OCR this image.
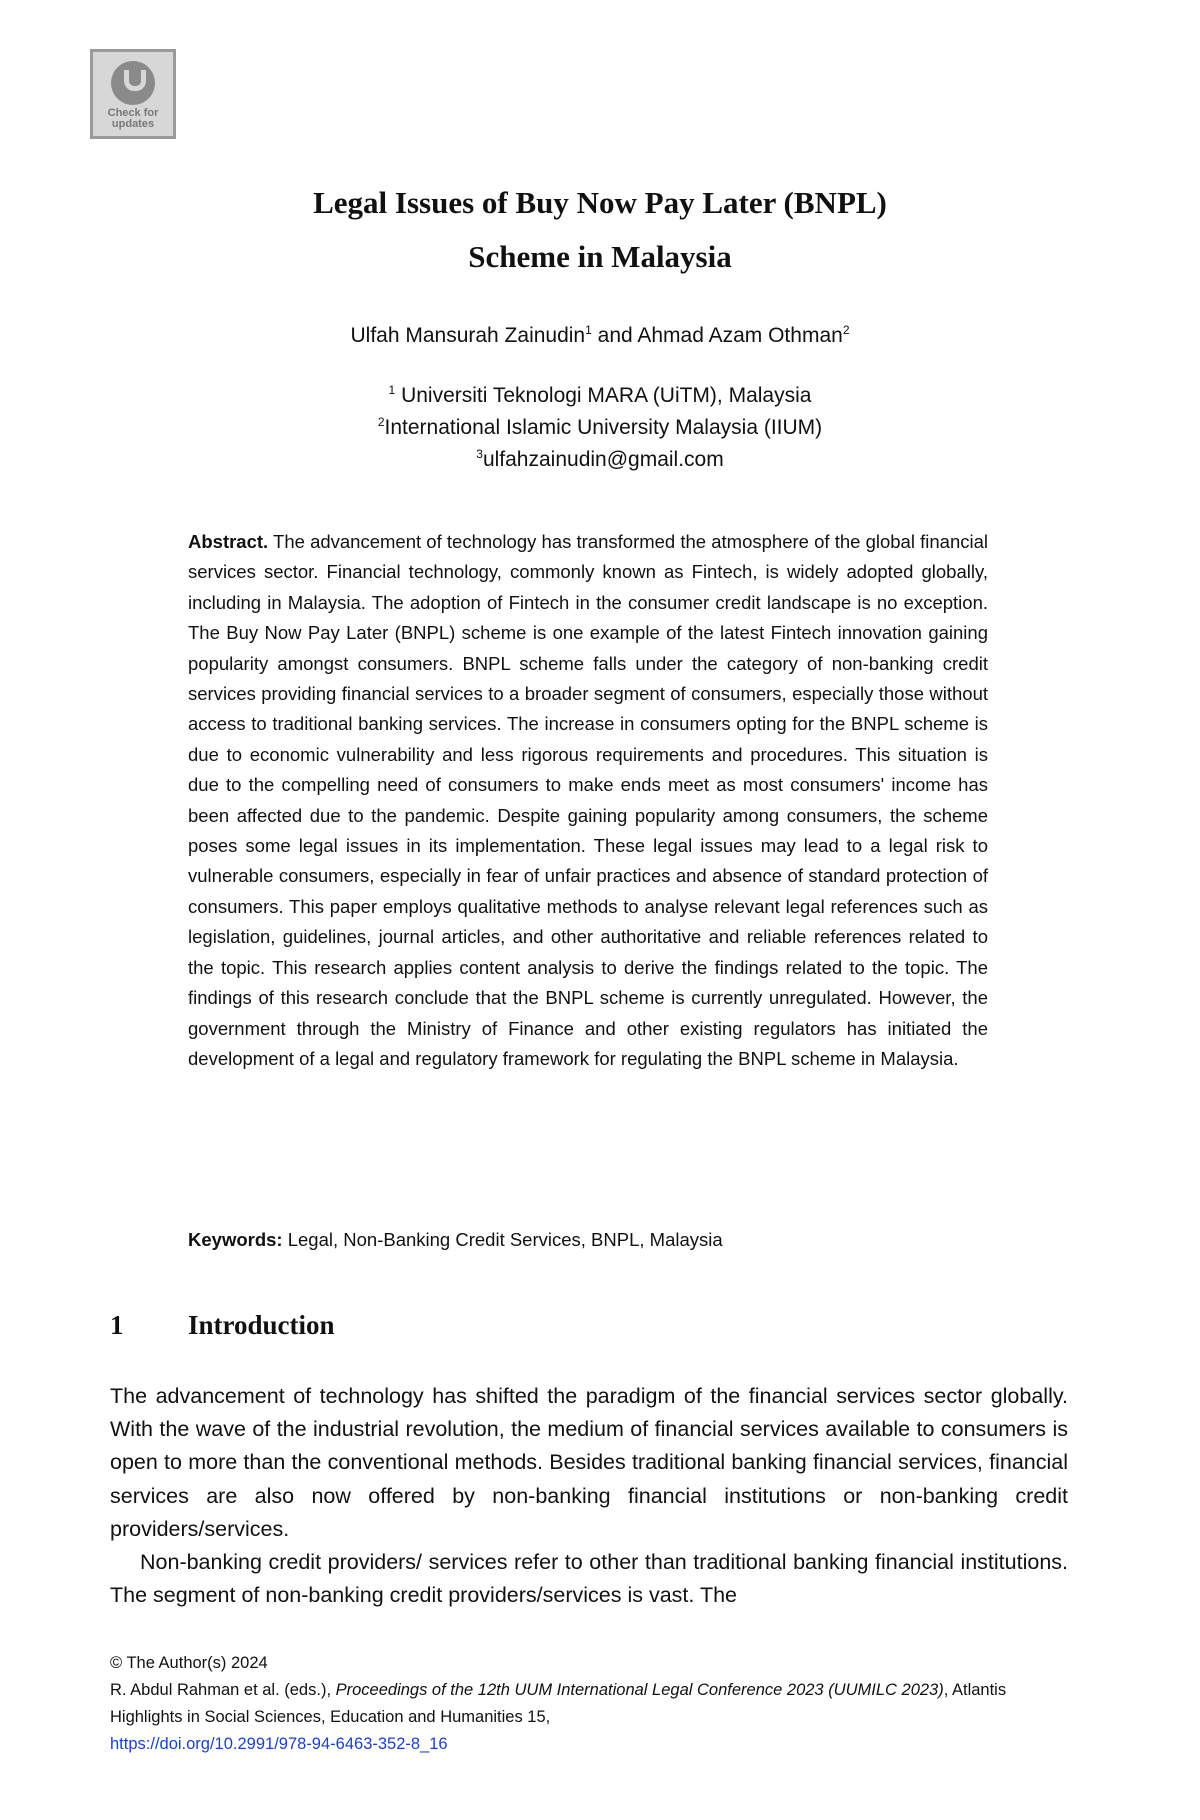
Check for updates
Legal Issues of Buy Now Pay Later (BNPL)
Scheme in Malaysia
Ulfah Mansurah Zainudin$^1$ and Ahmad Azam Othman$^2$
$^1$ Universiti Teknologi MARA (UiTM), Malaysia
$^2$International Islamic University Malaysia (IIUM)
$^3$ulfahzainudin@gmail.com

Abstract. The advancement of technology has transformed the atmosphere of the global financial services sector. Financial technology, commonly known as Fintech, is widely adopted globally, including in Malaysia. The adoption of Fintech in the consumer credit landscape is no exception. The Buy Now Pay Later (BNPL) scheme is one example of the latest Fintech innovation gaining popularity amongst consumers. BNPL scheme falls under the category of non-banking credit services providing financial services to a broader segment of consumers, especially those without access to traditional banking services. The increase in consumers opting for the BNPL scheme is due to economic vulnerability and less rigorous requirements and procedures. This situation is due to the compelling need of consumers to make ends meet as most consumers' income has been affected due to the pandemic. Despite gaining popularity among consumers, the scheme poses some legal issues in its implementation. These legal issues may lead to a legal risk to vulnerable consumers, especially in fear of unfair practices and absence of standard protection of consumers. This paper employs qualitative methods to analyse relevant legal references such as legislation, guidelines, journal articles, and other authoritative and reliable references related to the topic. This research applies content analysis to derive the findings related to the topic. The findings of this research conclude that the BNPL scheme is currently unregulated. However, the government through the Ministry of Finance and other existing regulators has initiated the development of a legal and regulatory framework for regulating the BNPL scheme in Malaysia.

Keywords: Legal, Non-Banking Credit Services, BNPL, Malaysia

1 Introduction

The advancement of technology has shifted the paradigm of the financial services sector globally. With the wave of the industrial revolution, the medium of financial services available to consumers is open to more than the conventional methods. Besides traditional banking financial services, financial services are also now offered by non-banking financial institutions or non-banking credit providers/services.

Non-banking credit providers/ services refer to other than traditional banking financial institutions. The segment of non-banking credit providers/services is vast. The

© The Author(s) 2024
R. Abdul Rahman et al. (eds.), Proceedings of the 12th UUM International Legal Conference 2023 (UUMILC 2023), Atlantis Highlights in Social Sciences, Education and Humanities 15,
https://doi.org/10.2991/978-94-6463-352-8_16
